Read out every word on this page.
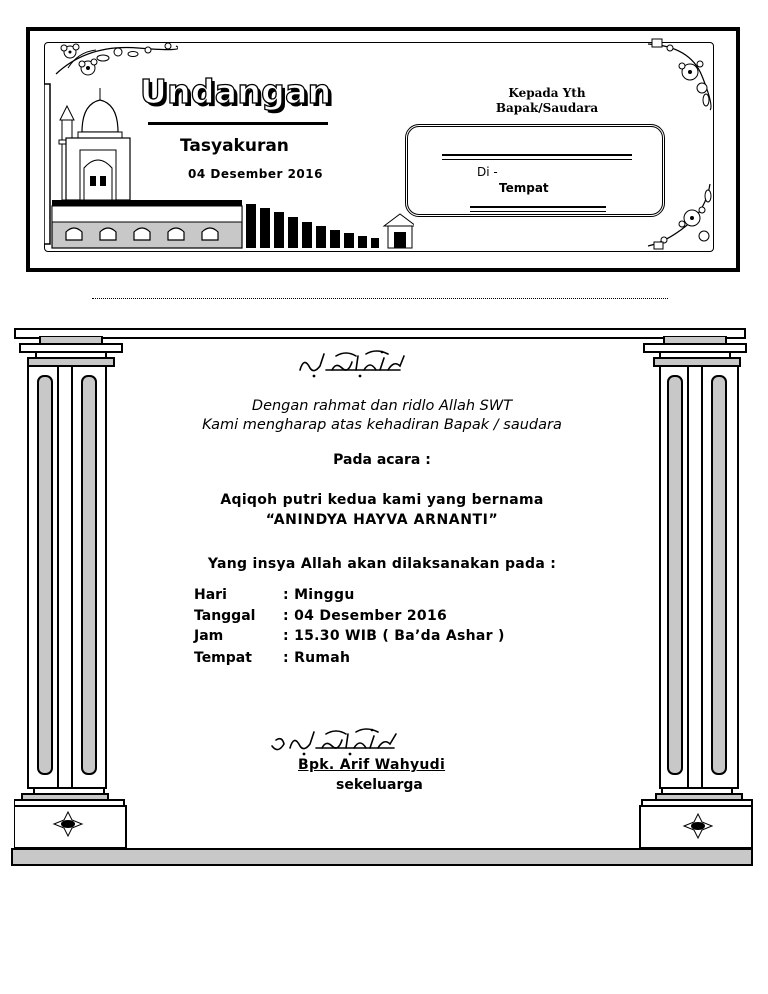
Undangan
Tasyakuran
04 Desember 2016
Kepada Yth
Bapak/Saudara
Di -
Tempat
Dengan rahmat dan ridlo Allah SWT
Kami mengharap atas kehadiran Bapak / saudara
Pada acara :
Aqiqoh putri kedua kami yang bernama
“ANINDYA HAYVA ARNANTI”
Yang insya Allah akan dilaksanakan pada :
Hari	: Minggu
Tanggal : 04 Desember 2016
Jam	: 15.30 WIB ( Ba’da Ashar )
Tempat : Rumah
Bpk. Arif Wahyudi
sekeluarga
